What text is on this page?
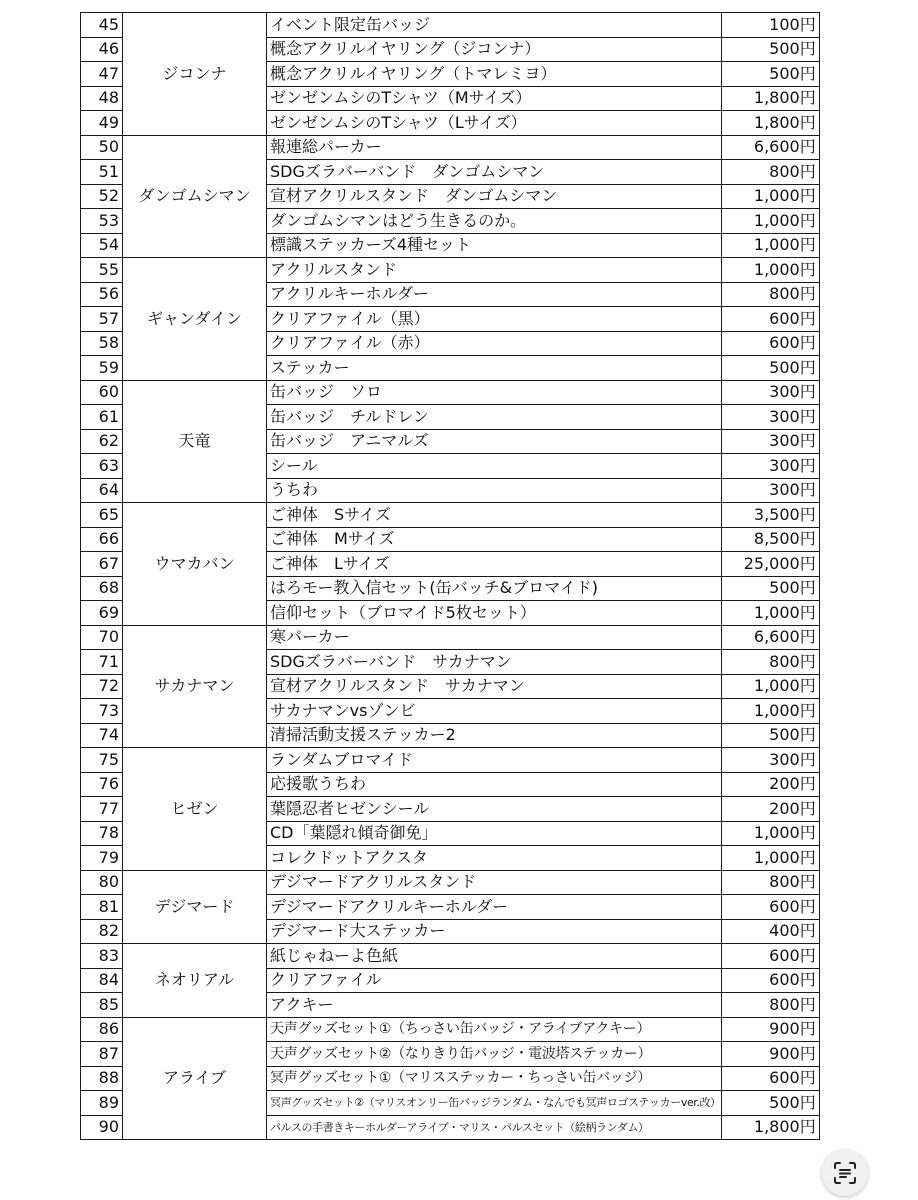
45	ジコンナ	イベント限定缶バッジ	100円
46		概念アクリルイヤリング（ジコンナ）	500円
47		概念アクリルイヤリング（トマレミヨ）	500円
48		ゼンゼンムシのTシャツ（Mサイズ）	1,800円
49		ゼンゼンムシのTシャツ（Lサイズ）	1,800円
50	ダンゴムシマン	報連総パーカー	6,600円
51		SDGズラバーバンド　ダンゴムシマン	800円
52		宣材アクリルスタンド　ダンゴムシマン	1,000円
53		ダンゴムシマンはどう生きるのか。	1,000円
54		標識ステッカーズ4種セット	1,000円
55	ギャンダイン	アクリルスタンド	1,000円
56		アクリルキーホルダー	800円
57		クリアファイル（黒）	600円
58		クリアファイル（赤）	600円
59		ステッカー	500円
60	天竜	缶バッジ　ソロ	300円
61		缶バッジ　チルドレン	300円
62		缶バッジ　アニマルズ	300円
63		シール	300円
64		うちわ	300円
65	ウマカバン	ご神体　Sサイズ	3,500円
66		ご神体　Mサイズ	8,500円
67		ご神体　Lサイズ	25,000円
68		はろモー教入信セット(缶バッチ&ブロマイド)	500円
69		信仰セット（ブロマイド5枚セット）	1,000円
70	サカナマン	寒パーカー	6,600円
71		SDGズラバーバンド　サカナマン	800円
72		宣材アクリルスタンド　サカナマン	1,000円
73		サカナマンvsゾンビ	1,000円
74		清掃活動支援ステッカー2	500円
75	ヒゼン	ランダムブロマイド	300円
76		応援歌うちわ	200円
77		葉隠忍者ヒゼンシール	200円
78		CD「葉隠れ傾奇御免」	1,000円
79		コレクドットアクスタ	1,000円
80	デジマード	デジマードアクリルスタンド	800円
81		デジマードアクリルキーホルダー	600円
82		デジマード大ステッカー	400円
83	ネオリアル	紙じゃねーよ色紙	600円
84		クリアファイル	600円
85		アクキー	800円
86	アライブ	天声グッズセット①（ちっさい缶バッジ・アライブアクキー）	900円
87		天声グッズセット②（なりきり缶バッジ・電波塔ステッカー）	900円
88		冥声グッズセット①（マリスステッカー・ちっさい缶バッジ）	600円
89		冥声グッズセット②（マリスオンリー缶バッジランダム・なんでも冥声ロゴステッカーver.改）	500円
90		パルスの手書きキーホルダーアライブ・マリス・パルスセット（絵柄ランダム）	1,800円
